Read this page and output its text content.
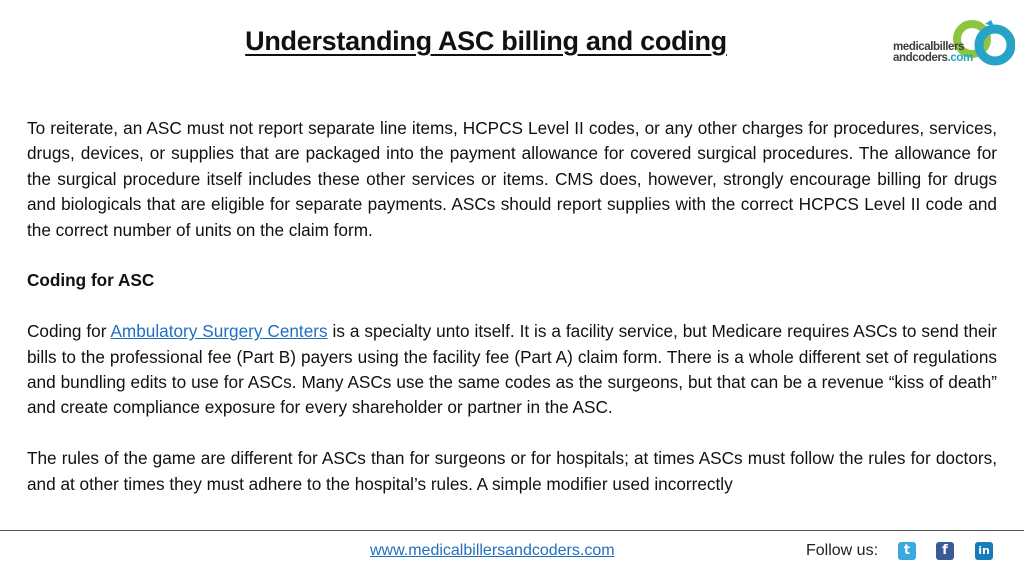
Understanding ASC billing and coding	medicalbillers
andcoders.com

To reiterate, an ASC must not report separate line items, HCPCS Level II codes, or any other charges for procedures, services, drugs, devices, or supplies that are packaged into the payment allowance for covered surgical procedures. The allowance for the surgical procedure itself includes these other services or items. CMS does, however, strongly encourage billing for drugs and biologicals that are eligible for separate payments. ASCs should report supplies with the correct HCPCS Level II code and the correct number of units on the claim form.

Coding for ASC

Coding for Ambulatory Surgery Centers is a specialty unto itself. It is a facility service, but Medicare requires ASCs to send their bills to the professional fee (Part B) payers using the facility fee (Part A) claim form. There is a whole different set of regulations and bundling edits to use for ASCs. Many ASCs use the same codes as the surgeons, but that can be a revenue “kiss of death” and create compliance exposure for every shareholder or partner in the ASC.

The rules of the game are different for ASCs than for surgeons or for hospitals; at times ASCs must follow the rules for doctors, and at other times they must adhere to the hospital’s rules. A simple modifier used incorrectly

www.medicalbillersandcoders.com	Follow us:	t	f	in
